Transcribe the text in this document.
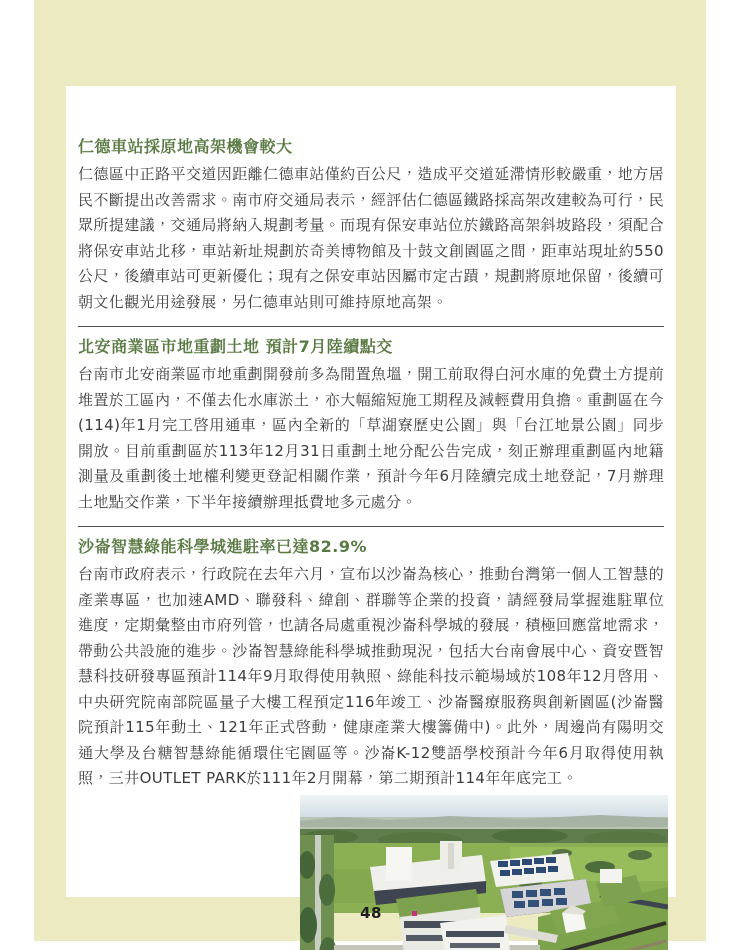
仁德車站採原地高架機會較大

仁德區中正路平交道因距離仁德車站僅約百公尺，造成平交道延滯情形較嚴重，地方居民不斷提出改善需求。南市府交通局表示，經評估仁德區鐵路採高架改建較為可行，民眾所提建議，交通局將納入規劃考量。而現有保安車站位於鐵路高架斜坡路段，須配合將保安車站北移，車站新址規劃於奇美博物館及十鼓文創園區之間，距車站現址約550公尺，後續車站可更新優化；現有之保安車站因屬市定古蹟，規劃將原地保留，後續可朝文化觀光用途發展，另仁德車站則可維持原地高架。

北安商業區市地重劃土地 預計7月陸續點交

台南市北安商業區市地重劃開發前多為閒置魚塭，開工前取得白河水庫的免費土方提前堆置於工區內，不僅去化水庫淤土，亦大幅縮短施工期程及減輕費用負擔。重劃區在今(114)年1月完工啓用通車，區內全新的「草湖寮歷史公園」與「台江地景公園」同步開放。目前重劃區於113年12月31日重劃土地分配公告完成，刻正辦理重劃區內地籍測量及重劃後土地權利變更登記相關作業，預計今年6月陸續完成土地登記，7月辦理土地點交作業，下半年接續辦理抵費地多元處分。

沙崙智慧綠能科學城進駐率已達82.9%

台南市政府表示，行政院在去年六月，宣布以沙崙為核心，推動台灣第一個人工智慧的產業專區，也加速AMD、聯發科、緯創、群聯等企業的投資，請經發局掌握進駐單位進度，定期彙整由市府列管，也請各局處重視沙崙科學城的發展，積極回應當地需求，帶動公共設施的進步。沙崙智慧綠能科學城推動現況，包括大台南會展中心、資安暨智慧科技研發專區預計114年9月取得使用執照、綠能科技示範場域於108年12月啓用、中央研究院南部院區量子大樓工程預定116年竣工、沙崙醫療服務與創新園區(沙崙醫院預計115年動土、121年正式啓動，健康產業大樓籌備中)。此外，周邊尚有陽明交通大學及台糖智慧綠能循環住宅園區等。沙崙K-12雙語學校預計今年6月取得使用執照，三井OUTLET PARK於111年2月開幕，第二期預計114年年底完工。

48
